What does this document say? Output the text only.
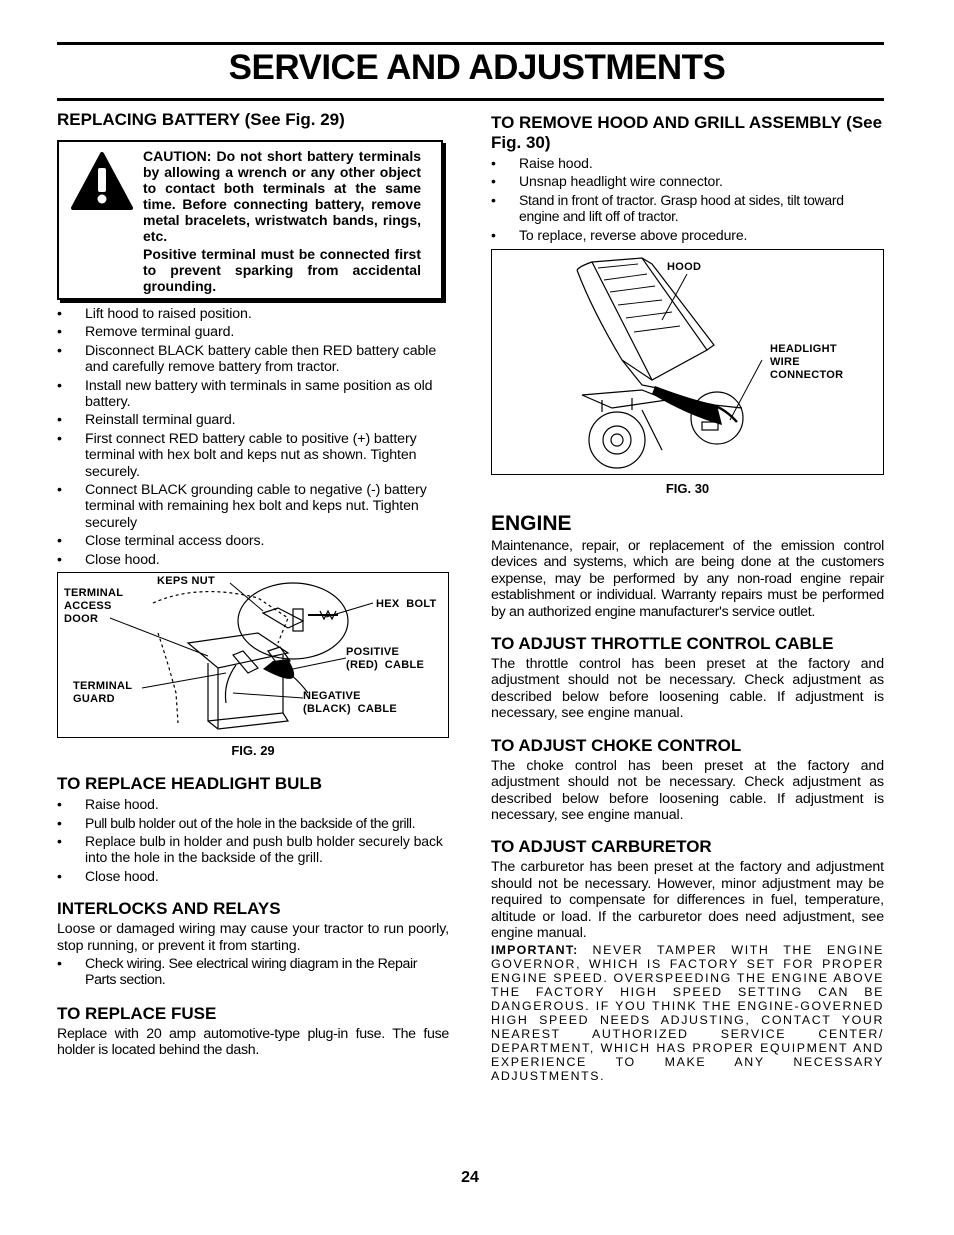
SERVICE AND ADJUSTMENTS
REPLACING BATTERY (See Fig. 29)

CAUTION: Do not short battery terminals by allowing a wrench or any other object to contact both terminals at the same time. Before connecting battery, remove metal bracelets, wristwatch bands, rings, etc.

Positive terminal must be connected first to prevent sparking from accidental grounding.

• Lift hood to raised position.
• Remove terminal guard.
• Disconnect BLACK battery cable then RED battery cable and carefully remove battery from tractor.
• Install new battery with terminals in same position as old battery.
• Reinstall terminal guard.
• First connect RED battery cable to positive (+) battery terminal with hex bolt and keps nut as shown. Tighten securely.
• Connect BLACK grounding cable to negative (-) battery terminal with remaining hex bolt and keps nut. Tighten securely
• Close terminal access doors.
• Close hood.
KEPS NUT
TERMINAL
ACCESS
DOOR
HEX  BOLT
POSITIVE
(RED)  CABLE
TERMINAL
GUARD	NEGATIVE
(BLACK)  CABLE
FIG. 29
TO REPLACE HEADLIGHT BULB
• Raise hood.
• Pull bulb holder out of the hole in the backside of the grill.
• Replace bulb in holder and push bulb holder securely back into the hole in the backside of the grill.
• Close hood.
INTERLOCKS AND RELAYS

Loose or damaged wiring may cause your tractor to run poorly, stop running, or prevent it from starting.

• Check wiring. See electrical wiring diagram in the Repair Parts section.
TO REPLACE FUSE

Replace with 20 amp automotive-type plug-in fuse. The fuse holder is located behind the dash.

TO REMOVE HOOD AND GRILL ASSEMBLY (See Fig. 30)
• Raise hood.
• Unsnap headlight wire connector.
• Stand in front of tractor. Grasp hood at sides, tilt toward engine and lift off of tractor.
• To replace, reverse above procedure.
HOOD
HEADLIGHT
WIRE
CONNECTOR
FIG. 30
ENGINE

Maintenance, repair, or replacement of the emission control devices and systems, which are being done at the customers expense, may be performed by any non-road engine repair establishment or individual. Warranty repairs must be performed by an authorized engine manufacturer's service outlet.

TO ADJUST THROTTLE CONTROL CABLE

The throttle control has been preset at the factory and adjustment should not be necessary. Check adjustment as described below before loosening cable. If adjustment is necessary, see engine manual.

TO ADJUST CHOKE CONTROL

The choke control has been preset at the factory and adjustment should not be necessary. Check adjustment as described below before loosening cable. If adjustment is necessary, see engine manual.

TO ADJUST CARBURETOR

The carburetor has been preset at the factory and adjustment should not be necessary. However, minor adjustment may be required to compensate for differences in fuel, temperature, altitude or load. If the carburetor does need adjustment, see engine manual.

IMPORTANT: NEVER TAMPER WITH THE ENGINE GOVERNOR, WHICH IS FACTORY SET FOR PROPER ENGINE SPEED. OVERSPEEDING THE ENGINE ABOVE THE FACTORY HIGH SPEED SETTING CAN BE DANGEROUS. IF YOU THINK THE ENGINE-GOVERNED HIGH SPEED NEEDS ADJUSTING, CONTACT YOUR NEAREST AUTHORIZED SERVICE CENTER/ DEPARTMENT, WHICH HAS PROPER EQUIPMENT AND EXPERIENCE TO MAKE ANY NECESSARY ADJUSTMENTS.

24
